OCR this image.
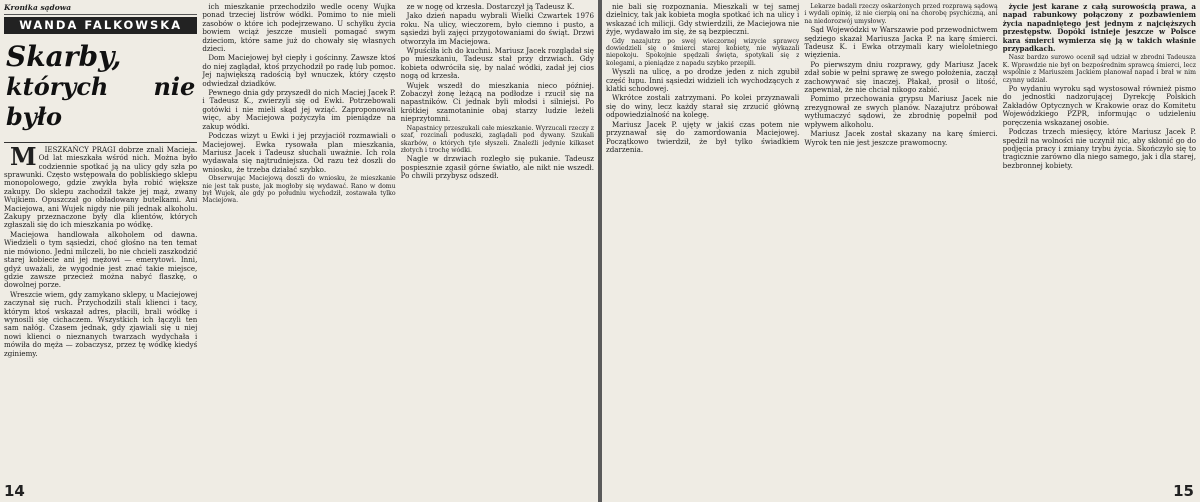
Kronika sądowa
WANDA FALKOWSKA
Skarby,
których nie było

MIESZKAŃCY PRAGI dobrze znali Macieja. Od lat mieszkała wśród nich. Można było codziennie spotkać ją na ulicy gdy szła po sprawunki. Często wstępowała do pobliskiego sklepu monopolowego, gdzie zwykła była robić większe zakupy. Do sklepu zachodził także jej mąż, zwany Wujkiem. Opuszczał go obładowany butelkami. Ani Maciejowa, ani Wujek nigdy nie pili jednak alkoholu. Zakupy przeznaczone były dla klientów, których zgłaszali się do ich mieszkania po wódkę.

Maciejowa handlowała alkoholem od dawna. Wiedzieli o tym sąsiedzi, choć głośno na ten temat nie mówiono. Jedni milczeli, bo nie chcieli zaszkodzić starej kobiecie ani jej mężowi — emerytowi. Inni, gdyż uważali, że wygodnie jest znać takie miejsce, gdzie zawsze przecież można nabyć flaszkę, o dowolnej porze.

Wreszcie wiem, gdy zamykano sklepy, u Maciejowej zaczynał się ruch. Przychodzili stali klienci i tacy, którym ktoś wskazał adres, płacili, brali wódkę i wynosili się cichaczem. Wszystkich ich łączyli ten sam nałóg. Czasem jednak, gdy zjawiali się u niej nowi klienci o nieznanych twarzach wydychała i mówiła do męża — zobaczysz, przez tę wódkę kiedyś zginiemy.

ich mieszkanie przechodziło wedle oceny Wujka ponad trzeciej listrów wódki. Pomimo to nie mieli zasobów o które ich podejrzewano. U schyłku życia bowiem wciąż jeszcze musieli pomagać swym dzieciom, które same już do chowały się własnych dzieci.

Dom Maciejowej był ciepły i gościnny. Zawsze ktoś do niej zaglądał, ktoś przychodził po radę lub pomoc. Jej największą radością był wnuczek, który często odwiedzał dziadków.

Pewnego dnia gdy przyszedł do nich Maciej Jacek P. i Tadeusz K., zwierzyli się od Ewki. Potrzebowali gotówki i nie mieli skąd jej wziąć. Zaproponowali więc, aby Maciejowa pożyczyła im pieniądze na zakup wódki.

Podczas wizyt u Ewki i jej przyjaciół rozmawiali o Maciejowej. Ewka rysowała plan mieszkania, Mariusz Jacek i Tadeusz słuchali uważnie. Ich rola wydawała się najtrudniejsza. Od razu też doszli do wniosku, że trzeba działać szybko.

Obserwując Maciejową doszli do wniosku, że mieszkanie nie jest tak puste, jak mogłoby się wydawać. Rano w domu był Wujek, ale gdy po południu wychodził, zostawała tylko Maciejowa.

ze w nogę od krzesła. Dostarczył ją Tadeusz K.

Jako dzień napadu wybrali Wielki Czwartek 1976 roku. Na ulicy, wieczorem, było ciemno i pusto, a sąsiedzi byli zajęci przygotowaniami do świąt. Drzwi otworzyła im Maciejowa.

Wpuściła ich do kuchni. Mariusz Jacek rozglądał się po mieszkaniu, Tadeusz stał przy drzwiach. Gdy kobieta odwróciła się, by nalać wódki, zadał jej cios nogą od krzesła.

Wujek wszedł do mieszkania nieco później. Zobaczył żonę leżącą na podłodze i rzucił się na napastników. Ci jednak byli młodsi i silniejsi. Po krótkiej szamotaninie obaj starzy ludzie leżeli nieprzytomni.

Napastnicy przeszukali całe mieszkanie. Wyrzucali rzeczy z szaf, rozcinali poduszki, zaglądali pod dywany. Szukali skarbów, o których tyle słyszeli. Znaleźli jedynie kilkaset złotych i trochę wódki.

Nagle w drzwiach rozległo się pukanie. Tadeusz pospiesznie zgasił górne światło, ale nikt nie wszedł. Po chwili przybysz odszedł.

14

nie bali się rozpoznania. Mieszkali w tej samej dzielnicy, tak jak kobieta mogła spotkać ich na ulicy i wskazać ich milicji. Gdy stwierdzili, że Maciejowa nie żyje, wydawało im się, że są bezpieczni.

Gdy nazajutrz po swej wieczornej wizycie sprawcy dowiedzieli się o śmierci starej kobiety, nie wykazali niepokoju. Spokojnie spędzali święta, spotykali się z kolegami, a pieniądze z napadu szybko przepili.

Wyszli na ulicę, a po drodze jeden z nich zgubił część łupu. Inni sąsiedzi widzieli ich wychodzących z klatki schodowej.

Wkrótce zostali zatrzymani. Po kolei przyznawali się do winy, lecz każdy starał się zrzucić główną odpowiedzialność na kolegę.

Mariusz Jacek P. ujęty w jakiś czas potem nie przyznawał się do zamordowania Maciejowej. Początkowo twierdził, że był tylko świadkiem zdarzenia.

Lekarze badali rzeczy oskarżonych przed rozprawą sądową i wydali opinię, iż nie cierpią oni na chorobę psychiczną, ani na niedorozwój umysłowy.

Sąd Wojewódzki w Warszawie pod przewodnictwem sędziego skazał Mariusza Jacka P. na karę śmierci. Tadeusz K. i Ewka otrzymali kary wieloletniego więzienia.

Po pierwszym dniu rozprawy, gdy Mariusz Jacek zdał sobie w pełni sprawę ze swego położenia, zaczął zachowywać się inaczej. Płakał, prosił o litość, zapewniał, że nie chciał nikogo zabić.

Pomimo przechowania grypsu Mariusz Jacek nie zrezygnował ze swych planów. Nazajutrz próbował wytłumaczyć sądowi, że zbrodnię popełnił pod wpływem alkoholu.

Mariusz Jacek został skazany na karę śmierci. Wyrok ten nie jest jeszcze prawomocny.

życie jest karane z całą surowością prawa, a napad rabunkowy połączony z pozbawieniem życia napadniętego jest jednym z najcięższych przestępstw. Dopóki istnieje jeszcze w Polsce kara śmierci wymierza się ją w takich właśnie przypadkach.

Nasz bardzo surowo ocenił sąd udział w zbrodni Tadeusza K. Wprawdzie nie był on bezpośrednim sprawcą śmierci, lecz wspólnie z Mariuszem Jackiem planował napad i brał w nim czynny udział.

Po wydaniu wyroku sąd wystosował również pismo do jednostki nadzorującej Dyrekcję Polskich Zakładów Optycznych w Krakowie oraz do Komitetu Wojewódzkiego PZPR, informując o udzieleniu poręczenia wskazanej osobie.

Podczas trzech miesięcy, które Mariusz Jacek P. spędził na wolności nie uczynił nic, aby skłonić go do podjęcia pracy i zmiany trybu życia. Skończyło się to tragicznie zarówno dla niego samego, jak i dla starej, bezbronnej kobiety.

15
